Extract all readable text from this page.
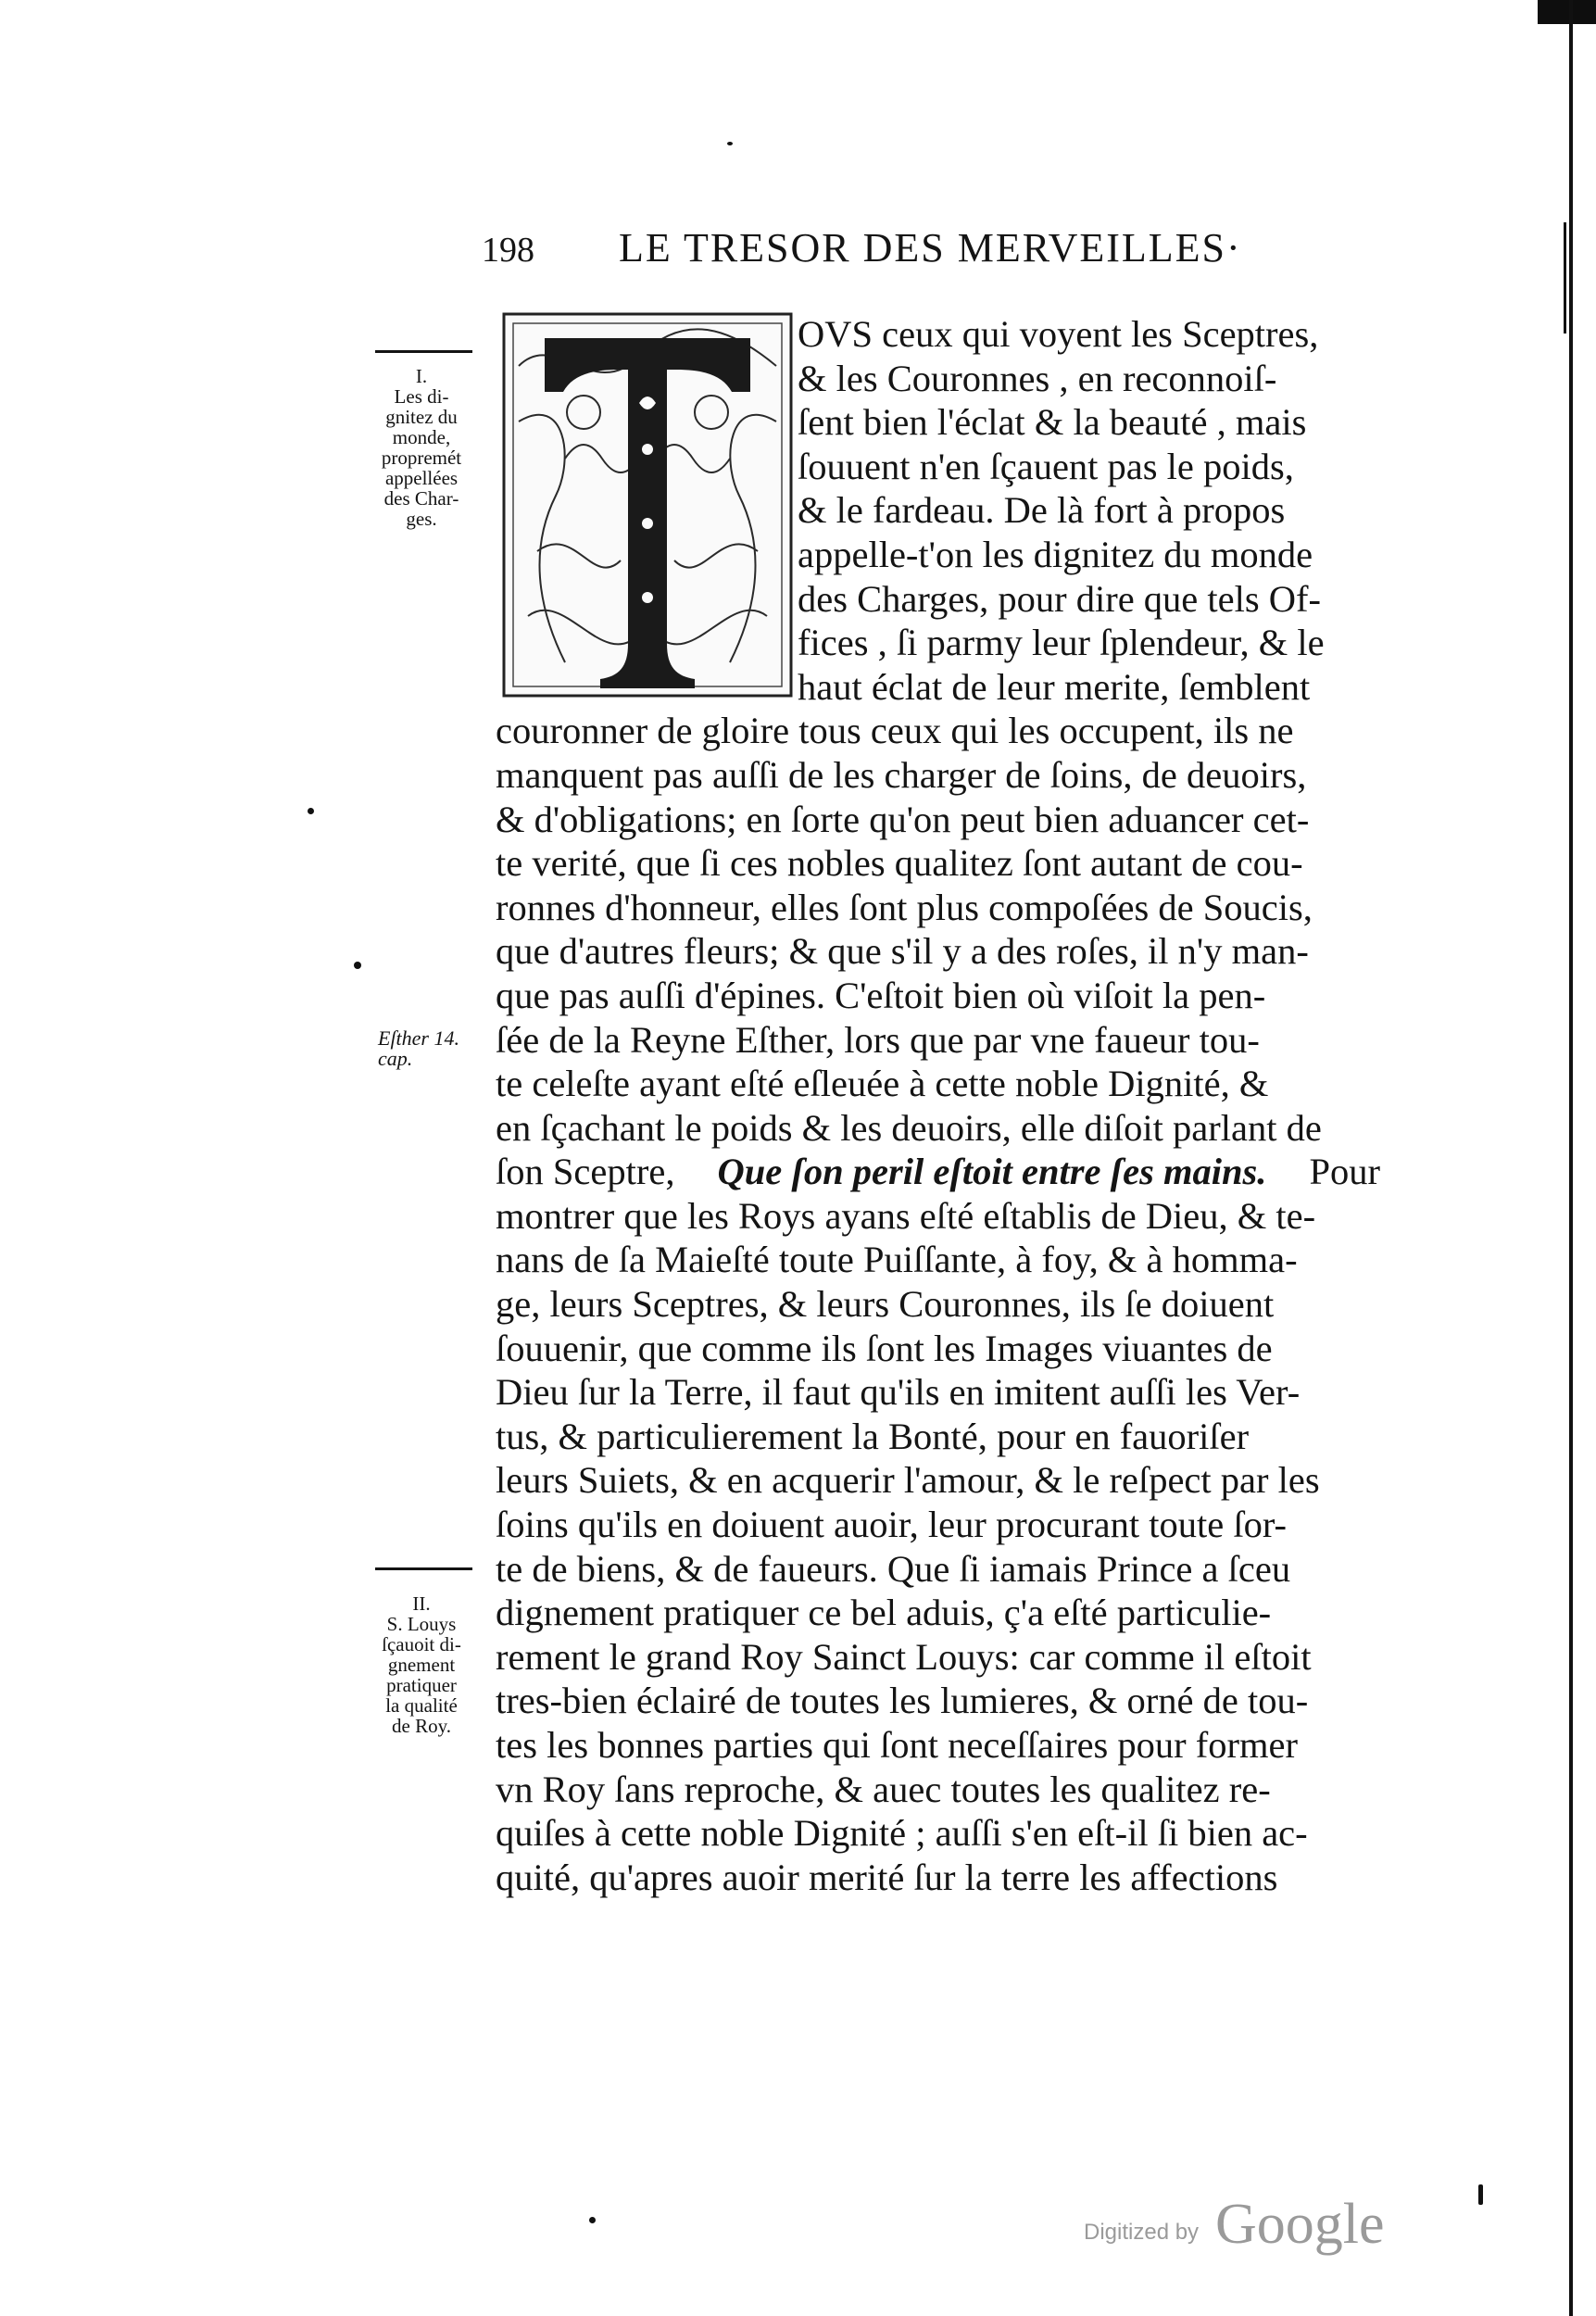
198 LE TRESOR DES MERVEILLES·
OVS ceux qui voyent les Sceptres,
& les Couronnes , en reconnoiſ-
ſent bien l'éclat & la beauté , mais
ſouuent n'en ſçauent pas le poids,
& le fardeau. De là fort à propos
appelle-t'on les dignitez du monde
des Charges, pour dire que tels Of-
fices , ſi parmy leur ſplendeur, & le
haut éclat de leur merite, ſemblent
couronner de gloire tous ceux qui les occupent, ils ne
manquent pas auſſi de les charger de ſoins, de deuoirs,
& d'obligations; en ſorte qu'on peut bien aduancer cet-
te verité, que ſi ces nobles qualitez ſont autant de cou-
ronnes d'honneur, elles ſont plus compoſées de Soucis,
que d'autres fleurs; & que s'il y a des roſes, il n'y man-
que pas auſſi d'épines. C'eſtoit bien où viſoit la pen-
ſée de la Reyne Eſther, lors que par vne faueur tou-
te celeſte ayant eſté eſleuée à cette noble Dignité, &
en ſçachant le poids & les deuoirs, elle diſoit parlant de
ſon Sceptre, Que ſon peril eſtoit entre ſes mains. Pour
montrer que les Roys ayans eſté eſtablis de Dieu, & te-
nans de ſa Maieſté toute Puiſſante, à foy, & à homma-
ge, leurs Sceptres, & leurs Couronnes, ils ſe doiuent
ſouuenir, que comme ils ſont les Images viuantes de
Dieu ſur la Terre, il faut qu'ils en imitent auſſi les Ver-
tus, & particulierement la Bonté, pour en fauoriſer
leurs Suiets, & en acquerir l'amour, & le reſpect par les
ſoins qu'ils en doiuent auoir, leur procurant toute ſor-
te de biens, & de faueurs. Que ſi iamais Prince a ſceu
dignement pratiquer ce bel aduis, ç'a eſté particulie-
rement le grand Roy Sainct Louys: car comme il eſtoit
tres-bien éclairé de toutes les lumieres, & orné de tou-
tes les bonnes parties qui ſont neceſſaires pour former
vn Roy ſans reproche, & auec toutes les qualitez re-
quiſes à cette noble Dignité ; auſſi s'en eſt-il ſi bien ac-
quité, qu'apres auoir merité ſur la terre les affections
I.
Les di-
gnitez du
monde,
propremét
appellées
des Char-
ges.
Eſther 14.
cap.
II.
S. Louys
ſçauoit di-
gnement
pratiquer
la qualité
de Roy.
Digitized by Google
